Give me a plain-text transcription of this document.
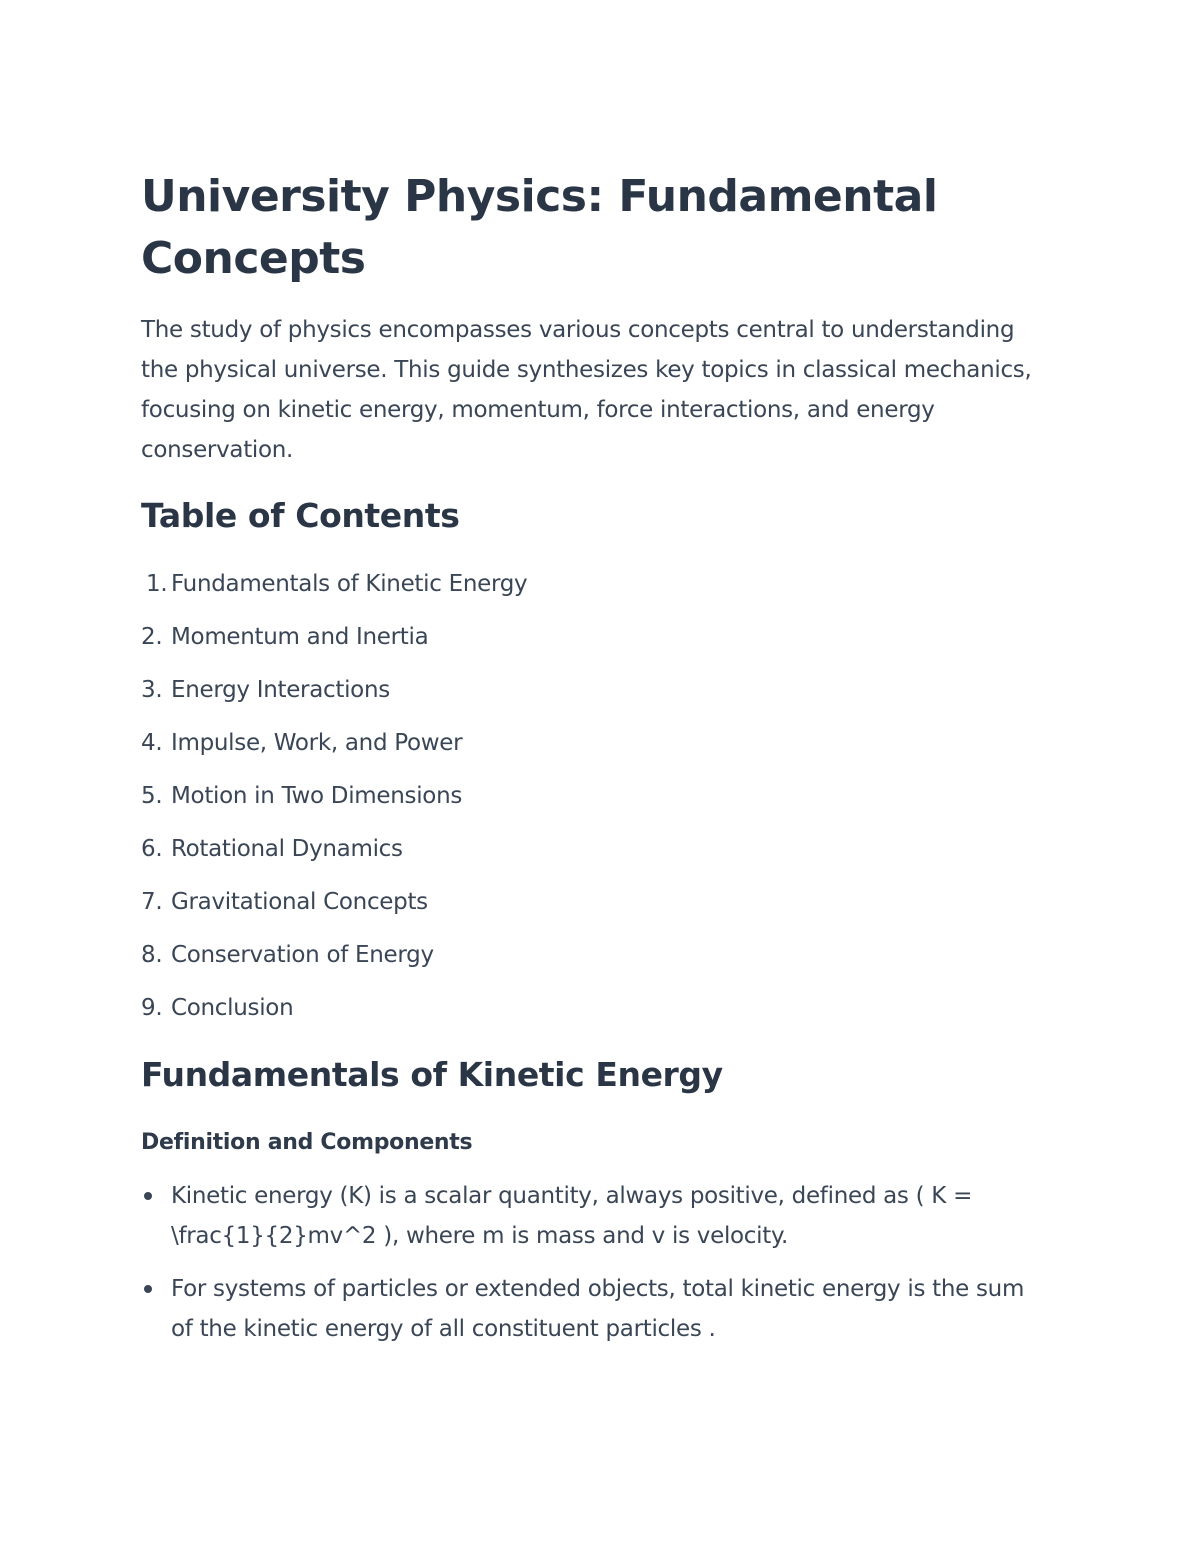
University Physics: Fundamental Concepts

The study of physics encompasses various concepts central to understanding the physical universe. This guide synthesizes key topics in classical mechanics, focusing on kinetic energy, momentum, force interactions, and energy conservation.

Table of Contents
1. Fundamentals of Kinetic Energy
2. Momentum and Inertia
3. Energy Interactions
4. Impulse, Work, and Power
5. Motion in Two Dimensions
6. Rotational Dynamics
7. Gravitational Concepts
8. Conservation of Energy
9. Conclusion
Fundamentals of Kinetic Energy
Definition and Components
Kinetic energy (K) is a scalar quantity, always positive, defined as ( K = \frac{1}{2}mv^2 ), where m is mass and v is velocity.
For systems of particles or extended objects, total kinetic energy is the sum of the kinetic energy of all constituent particles .
